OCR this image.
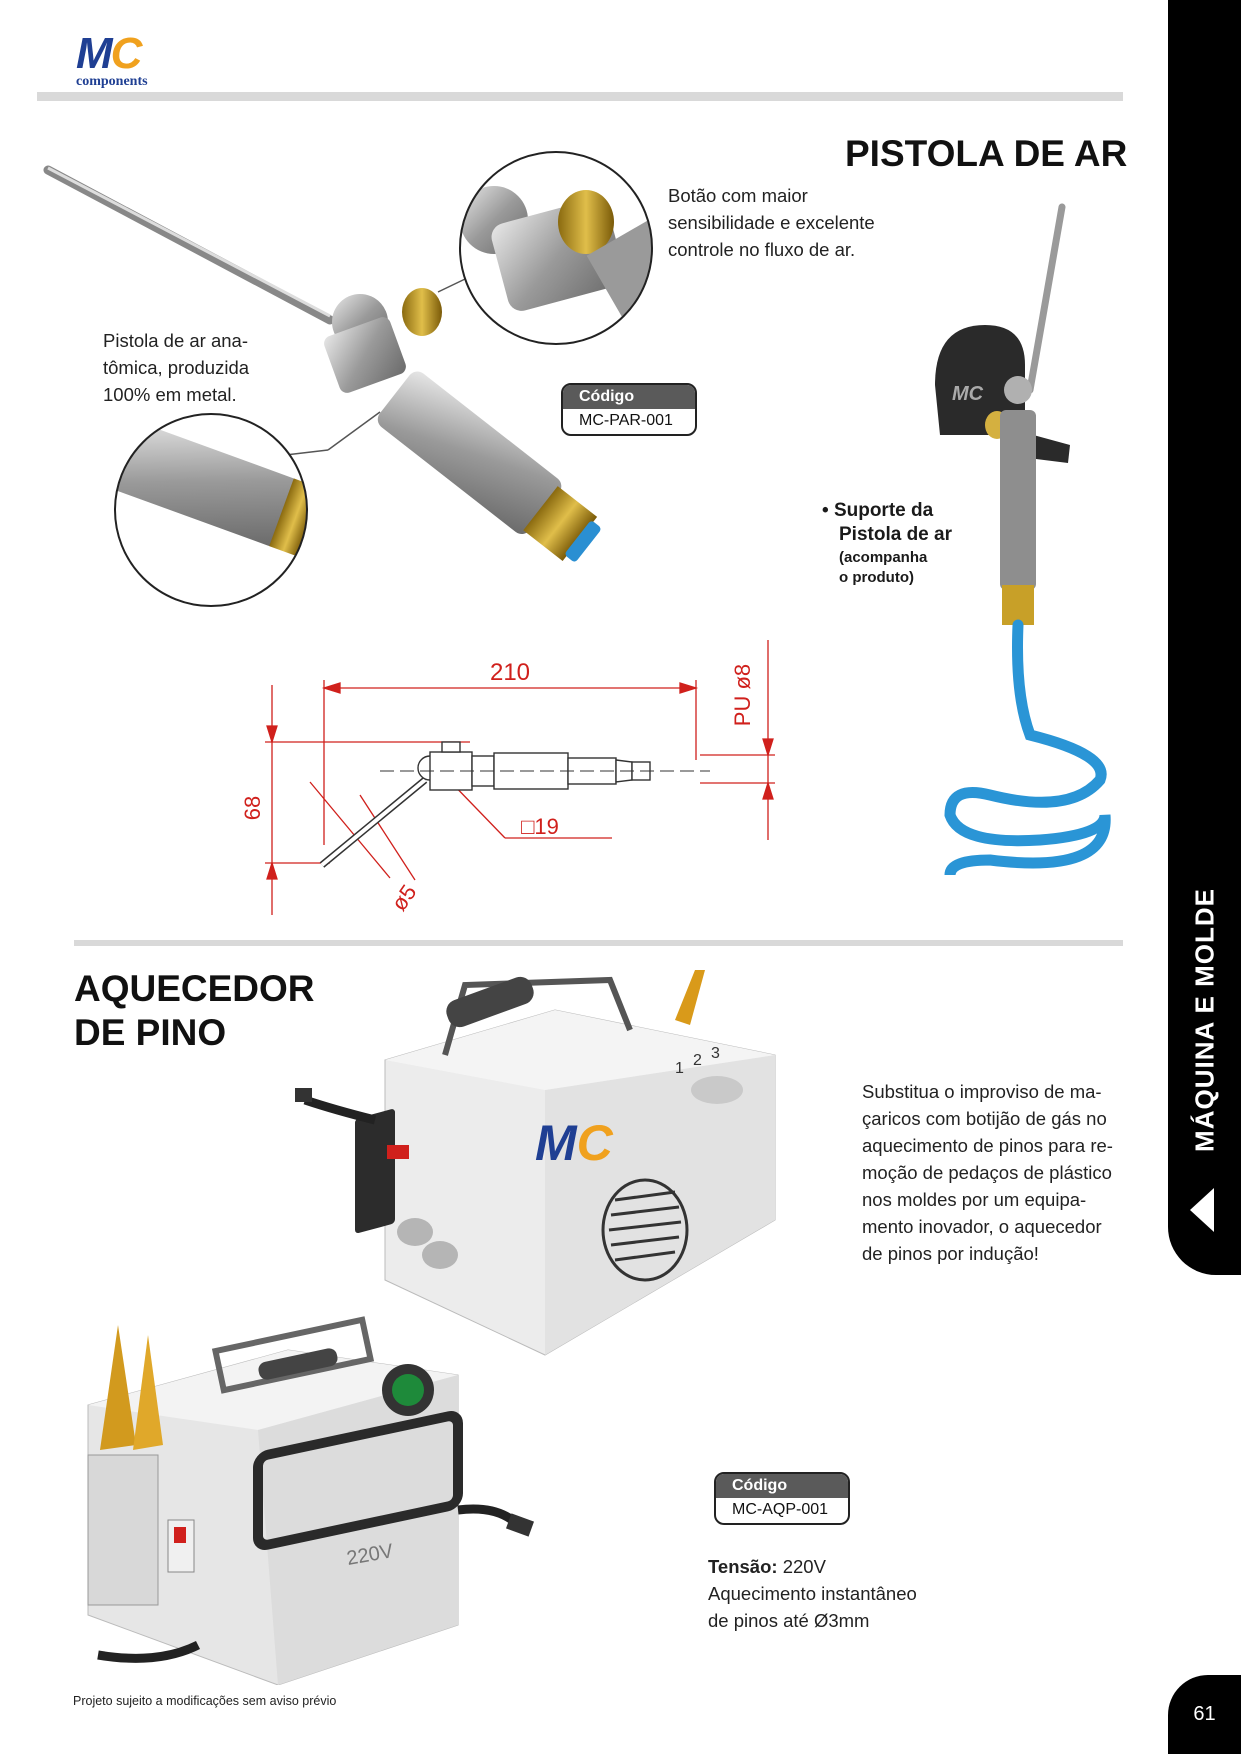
MC
components
MÁQUINA E MOLDE
61
PISTOLA DE AR
Botão com maior
sensibilidade e excelente
controle no fluxo de ar.
Pistola de ar ana-
tômica, produzida
100% em metal.	Código
MC-PAR-001
MC
• Suporte da
Pistola de ar
(acompanha
o produto)
210
68
PU ø8
□19
ø5
AQUECEDOR
DE PINO
MC
1 2 3
Substitua o improviso de ma-
çaricos com botijão de gás no
aquecimento de pinos para re-
moção de pedaços de plástico
nos moldes por um equipa-
mento inovador, o aquecedor
de pinos por indução!
220V
Código
MC-AQP-001
Tensão: 220V
Aquecimento instantâneo
de pinos até Ø3mm
Projeto sujeito a modificações sem aviso prévio
